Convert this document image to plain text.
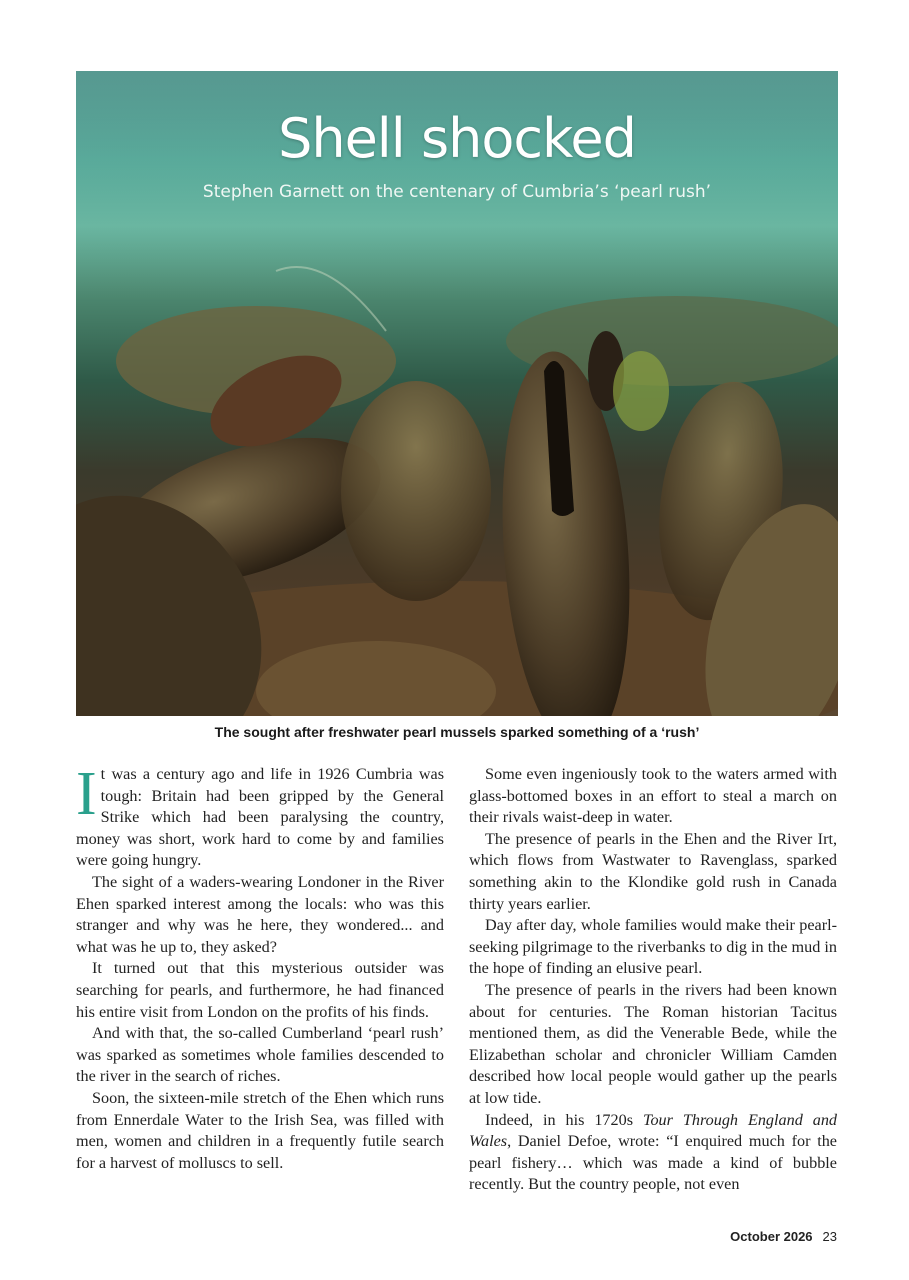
Shell shocked
Stephen Garnett on the centenary of Cumbria’s ‘pearl rush’
The sought after freshwater pearl mussels sparked something of a ‘rush’

It was a century ago and life in 1926 Cumbria was tough: Britain had been gripped by the General Strike which had been paralysing the country, money was short, work hard to come by and families were going hungry.

The sight of a waders-wearing Londoner in the River Ehen sparked interest among the locals: who was this stranger and why was he here, they wondered... and what was he up to, they asked?

It turned out that this mysterious outsider was searching for pearls, and furthermore, he had financed his entire visit from London on the profits of his finds.

And with that, the so-called Cumberland ‘pearl rush’ was sparked as sometimes whole families descended to the river in the search of riches.

Soon, the sixteen-mile stretch of the Ehen which runs from Ennerdale Water to the Irish Sea, was filled with men, women and children in a frequently futile search for a harvest of molluscs to sell.

Some even ingeniously took to the waters armed with glass-bottomed boxes in an effort to steal a march on their rivals waist-deep in water.

The presence of pearls in the Ehen and the River Irt, which flows from Wastwater to Ravenglass, sparked something akin to the Klondike gold rush in Canada thirty years earlier.

Day after day, whole families would make their pearl-seeking pilgrimage to the riverbanks to dig in the mud in the hope of finding an elusive pearl.

The presence of pearls in the rivers had been known about for centuries. The Roman historian Tacitus mentioned them, as did the Venerable Bede, while the Elizabethan scholar and chronicler William Camden described how local people would gather up the pearls at low tide.

Indeed, in his 1720s Tour Through England and Wales, Daniel Defoe, wrote: “I enquired much for the pearl fishery… which was made a kind of bubble recently. But the country people, not even

October 2026 23
